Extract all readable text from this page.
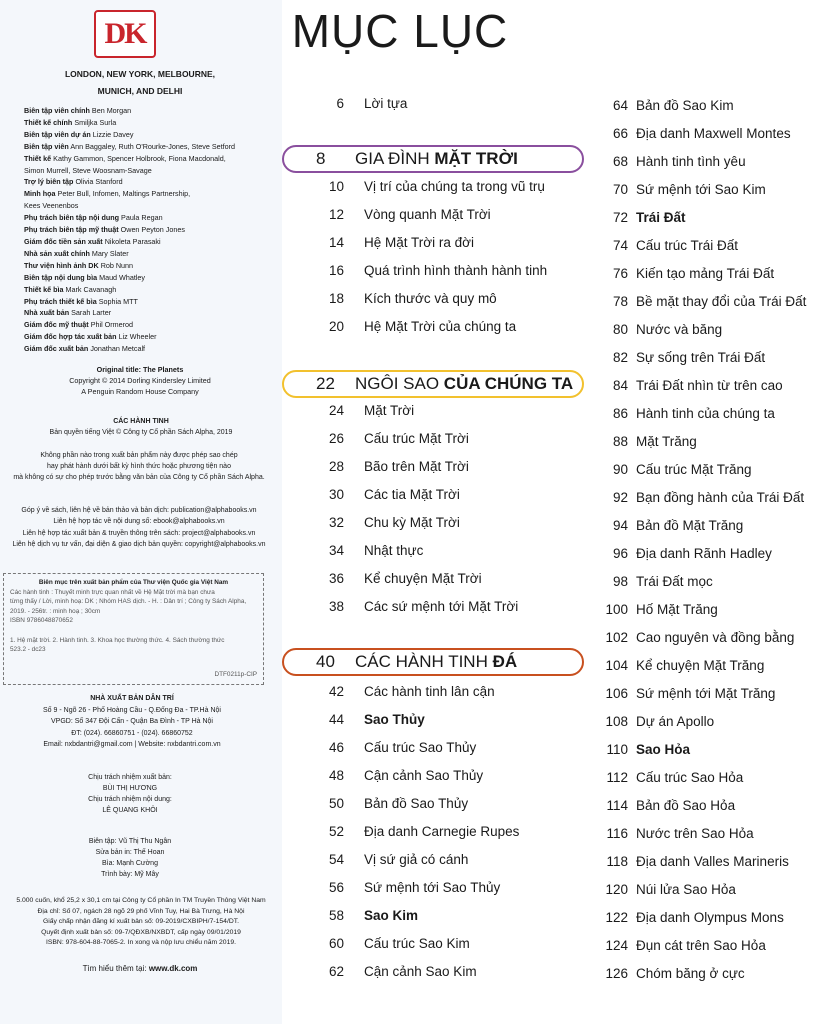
DK
LONDON, NEW YORK, MELBOURNE,
MUNICH, AND DELHI
Biên tập viên chính Ben Morgan
Thiết kế chính Smiljka Surla
Biên tập viên dự án Lizzie Davey
Biên tập viên Ann Baggaley, Ruth O'Rourke-Jones, Steve Setford
Thiết kế Kathy Gammon, Spencer Holbrook, Fiona Macdonald,
Simon Murrell, Steve Woosnam-Savage
Trợ lý biên tập Olivia Stanford
Minh họa Peter Bull, Infomen, Maltings Partnership,
Kees Veenenbos
Phụ trách biên tập nội dung Paula Regan
Phụ trách biên tập mỹ thuật Owen Peyton Jones
Giám đốc tiền sản xuất Nikoleta Parasaki
Nhà sản xuất chính Mary Slater
Thư viện hình ảnh DK Rob Nunn
Biên tập nội dung bìa Maud Whatley
Thiết kế bìa Mark Cavanagh
Phụ trách thiết kế bìa Sophia MTT
Nhà xuất bản Sarah Larter
Giám đốc mỹ thuật Phil Ormerod
Giám đốc hợp tác xuất bản Liz Wheeler
Giám đốc xuất bản Jonathan Metcalf
Original title: The Planets
Copyright © 2014 Dorling Kindersley Limited
A Penguin Random House Company
CÁC HÀNH TINH
Bản quyền tiếng Việt © Công ty Cổ phần Sách Alpha, 2019
Không phần nào trong xuất bản phẩm này được phép sao chép
hay phát hành dưới bất kỳ hình thức hoặc phương tiện nào
mà không có sự cho phép trước bằng văn bản của Công ty Cổ phần Sách Alpha.
Góp ý về sách, liên hệ về bản thảo và bản dịch: publication@alphabooks.vn
Liên hệ hợp tác về nội dung số: ebook@alphabooks.vn
Liên hệ hợp tác xuất bản & truyền thông trên sách: project@alphabooks.vn
Liên hệ dịch vụ tư vấn, đại diện & giao dịch bản quyền: copyright@alphabooks.vn
Biên mục trên xuất bản phẩm của Thư viện Quốc gia Việt Nam
Các hành tinh : Thuyết minh trực quan nhất về Hệ Mặt trời mà bạn chưa
từng thấy / Lời, minh hoạ: DK ; Nhóm HAS dịch. - H. : Dân trí ; Công ty Sách Alpha,
2019. - 256tr. : minh hoạ ; 30cm
ISBN 9786048870652

1. Hệ mặt trời. 2. Hành tinh. 3. Khoa học thường thức. 4. Sách thường thức
523.2 - dc23
DTF0211p-CIP
NHÀ XUẤT BẢN DÂN TRÍ
Số 9 - Ngõ 26 - Phố Hoàng Cầu - Q.Đống Đa - TP.Hà Nội
VPGD: Số 347 Đội Cấn - Quận Ba Đình - TP Hà Nội
ĐT: (024). 66860751 - (024). 66860752
Email: nxbdantri@gmail.com | Website: nxbdantri.com.vn
Chịu trách nhiệm xuất bản:
BÙI THỊ HƯƠNG
Chịu trách nhiệm nội dung:
LÊ QUANG KHÔI
Biên tập: Vũ Thị Thu Ngân
Sửa bản in: Thế Hoan
Bìa: Mạnh Cường
Trình bày: Mỹ Mây
5.000 cuốn, khổ 25,2 x 30,1 cm tại Công ty Cổ phần In TM Truyền Thông Việt Nam
Địa chỉ: Số 07, ngách 28 ngõ 29 phố Vĩnh Tuy, Hai Bà Trưng, Hà Nội
Giấy chấp nhận đăng kí xuất bản số: 09-2019/CXBIPH/7-154/DT.
Quyết định xuất bản số: 09-7/QĐXB/NXBDT, cấp ngày 09/01/2019
ISBN: 978-604-88-7065-2. In xong và nộp lưu chiểu năm 2019.
Tìm hiểu thêm tại: www.dk.com
MỤC LỤC
6 Lời tựa
10 Vị trí của chúng ta trong vũ trụ
12 Vòng quanh Mặt Trời
14 Hệ Mặt Trời ra đời
16 Quá trình hình thành hành tinh
18 Kích thước và quy mô
20 Hệ Mặt Trời của chúng ta
24 Mặt Trời
26 Cấu trúc Mặt Trời
28 Bão trên Mặt Trời
30 Các tia Mặt Trời
32 Chu kỳ Mặt Trời
34 Nhật thực
36 Kể chuyện Mặt Trời
38 Các sứ mệnh tới Mặt Trời
42 Các hành tinh lân cận
44 Sao Thủy
46 Cấu trúc Sao Thủy
48 Cận cảnh Sao Thủy
50 Bản đồ Sao Thủy
52 Địa danh Carnegie Rupes
54 Vị sứ giả có cánh
56 Sứ mệnh tới Sao Thủy
58 Sao Kim
60 Cấu trúc Sao Kim
62 Cận cảnh Sao Kim
64 Bản đồ Sao Kim
66 Địa danh Maxwell Montes
68 Hành tinh tình yêu
70 Sứ mệnh tới Sao Kim
72 Trái Đất
74 Cấu trúc Trái Đất
76 Kiến tạo mảng Trái Đất
78 Bề mặt thay đổi của Trái Đất
80 Nước và băng
82 Sự sống trên Trái Đất
84 Trái Đất nhìn từ trên cao
86 Hành tinh của chúng ta
88 Mặt Trăng
90 Cấu trúc Mặt Trăng
92 Bạn đồng hành của Trái Đất
94 Bản đồ Mặt Trăng
96 Địa danh Rãnh Hadley
98 Trái Đất mọc
100 Hố Mặt Trăng
102 Cao nguyên và đồng bằng
104 Kể chuyện Mặt Trăng
106 Sứ mệnh tới Mặt Trăng
108 Dự án Apollo
110 Sao Hỏa
112 Cấu trúc Sao Hỏa
114 Bản đồ Sao Hỏa
116 Nước trên Sao Hỏa
118 Địa danh Valles Marineris
120 Núi lửa Sao Hỏa
122 Địa danh Olympus Mons
124 Đụn cát trên Sao Hỏa
126 Chóm băng ở cực
8 GIA ĐÌNH MẶT TRỜI
22 NGÔI SAO CỦA CHÚNG TA
40 CÁC HÀNH TINH ĐÁ
